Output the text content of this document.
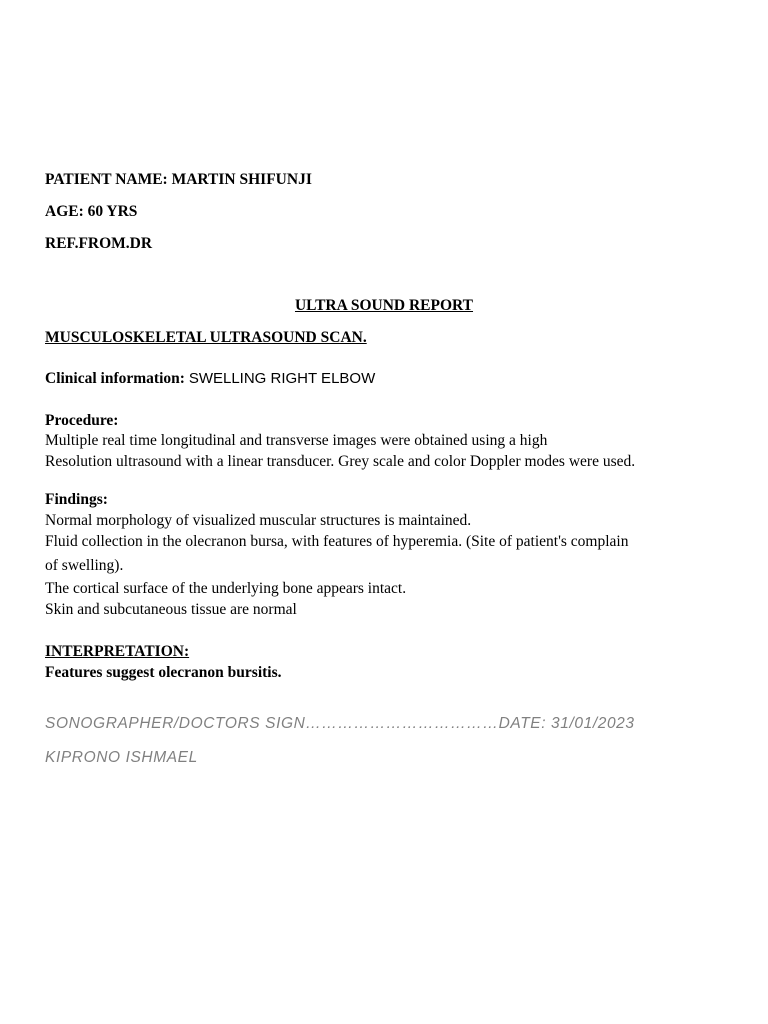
PATIENT NAME: MARTIN SHIFUNJI
AGE: 60 YRS
REF.FROM.DR
ULTRA SOUND REPORT
MUSCULOSKELETAL ULTRASOUND SCAN.
Clinical information: SWELLING RIGHT ELBOW
Procedure:
Multiple real time longitudinal and transverse images were obtained using a high
Resolution ultrasound with a linear transducer. Grey scale and color Doppler modes were used.
Findings:
Normal morphology of visualized muscular structures is maintained.
Fluid collection in the olecranon bursa, with features of hyperemia. (Site of patient's complain
of swelling).
The cortical surface of the underlying bone appears intact.
Skin and subcutaneous tissue are normal
INTERPRETATION:
Features suggest olecranon bursitis.
SONOGRAPHER/DOCTORS SIGN………………………………DATE: 31/01/2023
KIPRONO ISHMAEL
